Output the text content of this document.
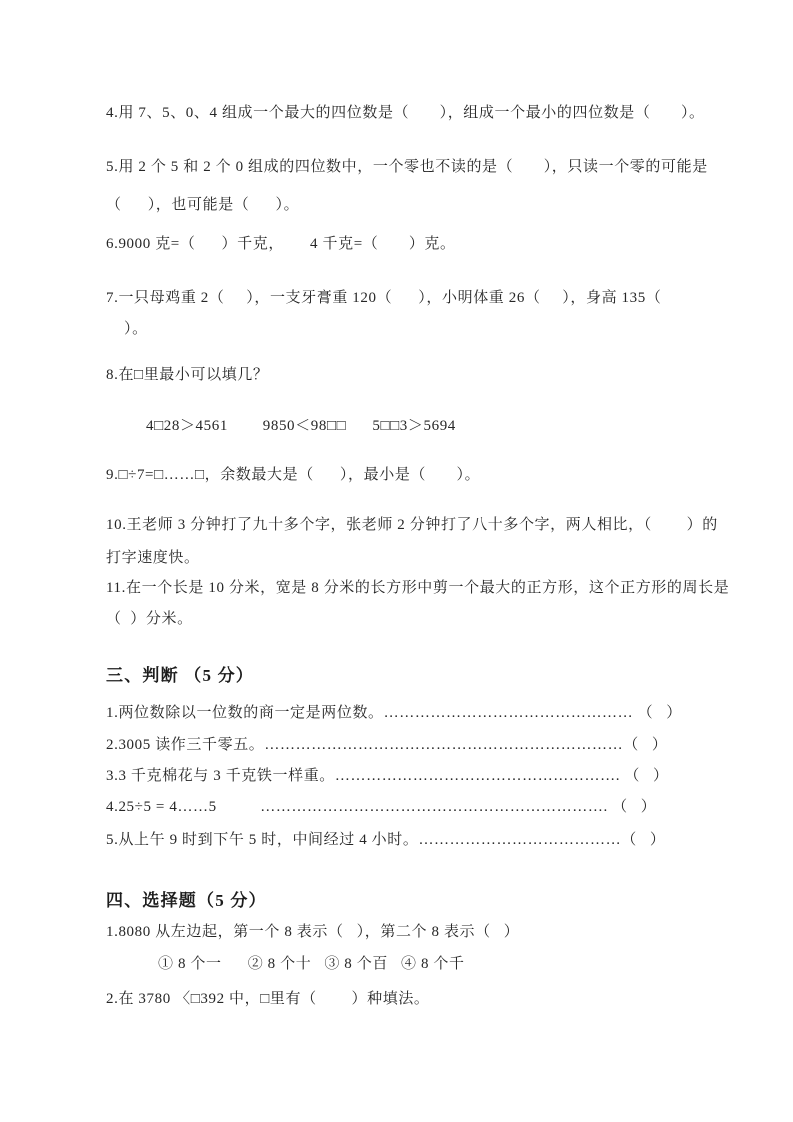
4.用 7、5、0、4 组成一个最大的四位数是（       ），组成一个最小的四位数是（       ）。
5.用 2 个 5 和 2 个 0 组成的四位数中，一个零也不读的是（       ），只读一个零的可能是
（      ），也可能是（      ）。
6.9000 克=（      ）千克，      4 千克=（       ）克。
7.一只母鸡重 2（     ），一支牙膏重 120（      ），小明体重 26（     ），身高 135（
）。
8.在□里最小可以填几？
4□28＞4561        9850＜98□□      5□□3＞5694
9.□÷7=□……□，余数最大是（      ），最小是（       ）。
10.王老师 3 分钟打了九十多个字，张老师 2 分钟打了八十多个字，两人相比，（        ）的
打字速度快。
11.在一个长是 10 分米，宽是 8 分米的长方形中剪一个最大的正方形，这个正方形的周长是
（  ）分米。
三、判断 （5 分）
1.两位数除以一位数的商一定是两位数。………………………………………… （   ）
2.3005 读作三千零五。……………………………………………………………（   ）
3.3 千克棉花与 3 千克铁一样重。………………………………………………. （   ）
4.25÷5 = 4……5          …………………………………………………………. （   ）
5.从上午 9 时到下午 5 时，中间经过 4 小时。…………………………………（   ）
四、选择题（5 分）
1.8080 从左边起，第一个 8 表示（   ），第二个 8 表示（   ）
① 8 个一      ② 8 个十   ③ 8 个百   ④ 8 个千
2.在 3780 〈□392 中，□里有（        ）种填法。
